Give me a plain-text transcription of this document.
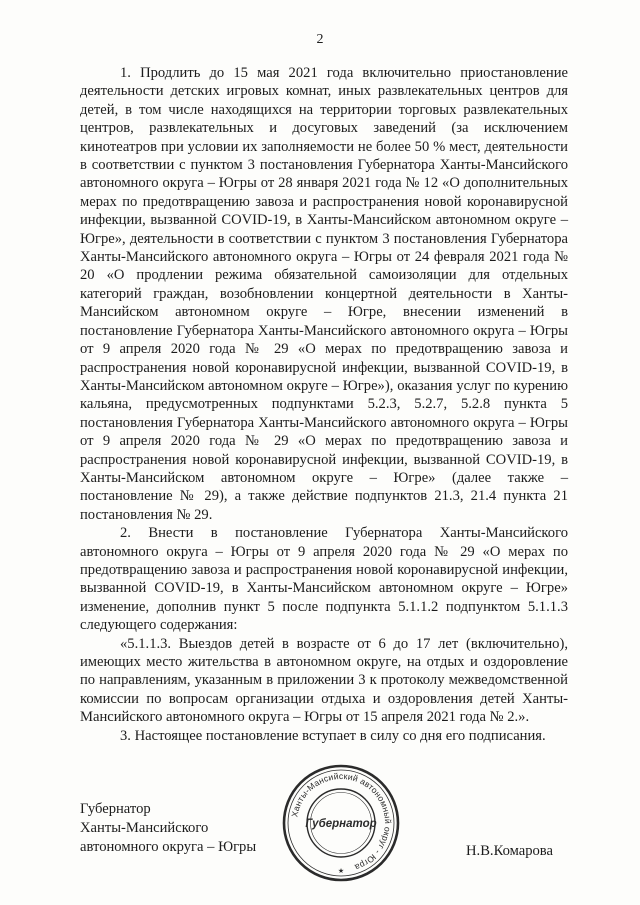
2

1. Продлить до 15 мая 2021 года включительно приостановление деятельности детских игровых комнат, иных развлекательных центров для детей, в том числе находящихся на территории торговых развлекательных центров, развлекательных и досуговых заведений (за исключением кинотеатров при условии их заполняемости не более 50 % мест, деятельности в соответствии с пунктом 3 постановления Губернатора Ханты-Мансийского автономного округа – Югры от 28 января 2021 года № 12 «О дополнительных мерах по предотвращению завоза и распространения новой коронавирусной инфекции, вызванной COVID-19, в Ханты-Мансийском автономном округе – Югре», деятельности в соответствии с пунктом 3 постановления Губернатора Ханты-Мансийского автономного округа – Югры от 24 февраля 2021 года № 20 «О продлении режима обязательной самоизоляции для отдельных категорий граждан, возобновлении концертной деятельности в Ханты-Мансийском автономном округе – Югре, внесении изменений в постановление Губернатора Ханты-Мансийского автономного округа – Югры от 9 апреля 2020 года № 29 «О мерах по предотвращению завоза и распространения новой коронавирусной инфекции, вызванной COVID-19, в Ханты-Мансийском автономном округе – Югре»), оказания услуг по курению кальяна, предусмотренных подпунктами 5.2.3, 5.2.7, 5.2.8 пункта 5 постановления Губернатора Ханты-Мансийского автономного округа – Югры от 9 апреля 2020 года № 29 «О мерах по предотвращению завоза и распространения новой коронавирусной инфекции, вызванной COVID-19, в Ханты-Мансийском автономном округе – Югре» (далее также – постановление № 29), а также действие подпунктов 21.3, 21.4 пункта 21 постановления № 29.

2. Внести в постановление Губернатора Ханты-Мансийского автономного округа – Югры от 9 апреля 2020 года № 29 «О мерах по предотвращению завоза и распространения новой коронавирусной инфекции, вызванной COVID-19, в Ханты-Мансийском автономном округе – Югре» изменение, дополнив пункт 5 после подпункта 5.1.1.2 подпунктом 5.1.1.3 следующего содержания:

«5.1.1.3. Выездов детей в возрасте от 6 до 17 лет (включительно), имеющих место жительства в автономном округе, на отдых и оздоровление по направлениям, указанным в приложении 3 к протоколу межведомственной комиссии по вопросам организации отдыха и оздоровления детей Ханты-Мансийского автономного округа – Югры от 15 апреля 2021 года № 2.».

3. Настоящее постановление вступает в силу со дня его подписания.

Губернатор
Ханты-Мансийского
автономного округа – Югры
Ханты-Мансийский автономный округ - Югра
Губернатор
★
Н.В.Комарова
